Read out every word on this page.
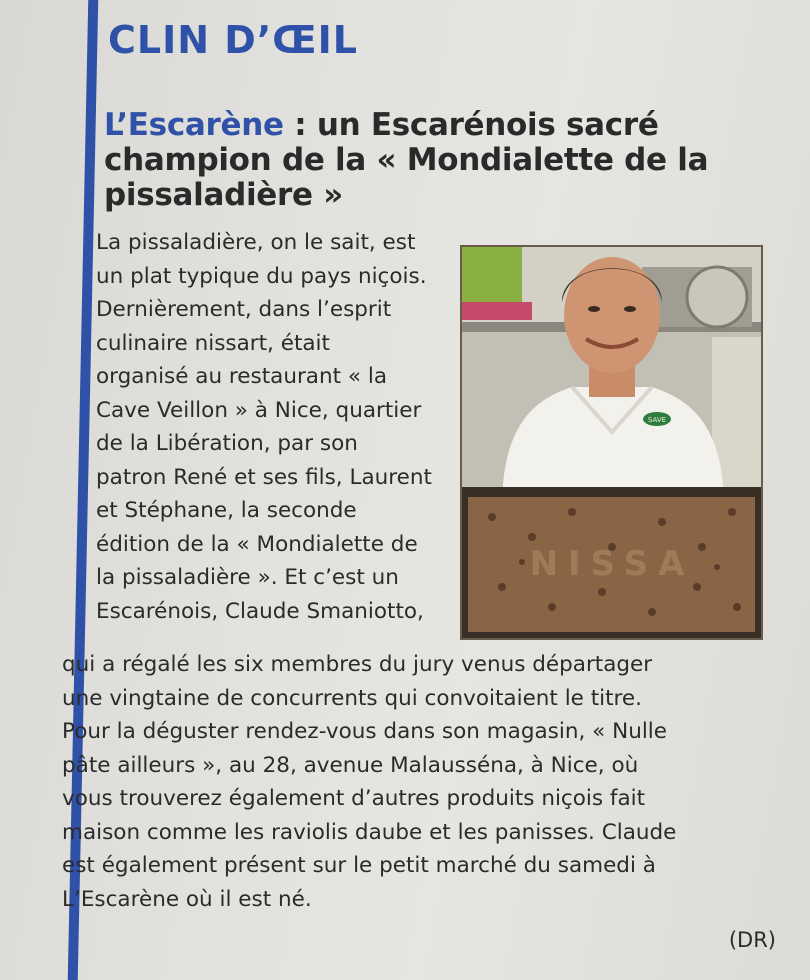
CLIN D’ŒIL
L’Escarène : un Escarénois sacré champion de la « Mondialette de la pissaladière »
La pissaladière, on le sait, est
un plat typique du pays niçois.
Dernièrement, dans l’esprit
culinaire nissart, était
organisé au restaurant « la
Cave Veillon » à Nice, quartier
de la Libération, par son
patron René et ses fils, Laurent
et Stéphane, la seconde
édition de la « Mondialette de
la pissaladière ». Et c’est un
Escarénois, Claude Smaniotto,
SAVE
NISSA
qui a régalé les six membres du jury venus départager
une vingtaine de concurrents qui convoitaient le titre.
Pour la déguster rendez-vous dans son magasin, « Nulle
pâte ailleurs », au 28, avenue Malausséna, à Nice, où
vous trouverez également d’autres produits niçois fait
maison comme les raviolis daube et les panisses. Claude
est également présent sur le petit marché du samedi à
L’Escarène où il est né.

(DR)
